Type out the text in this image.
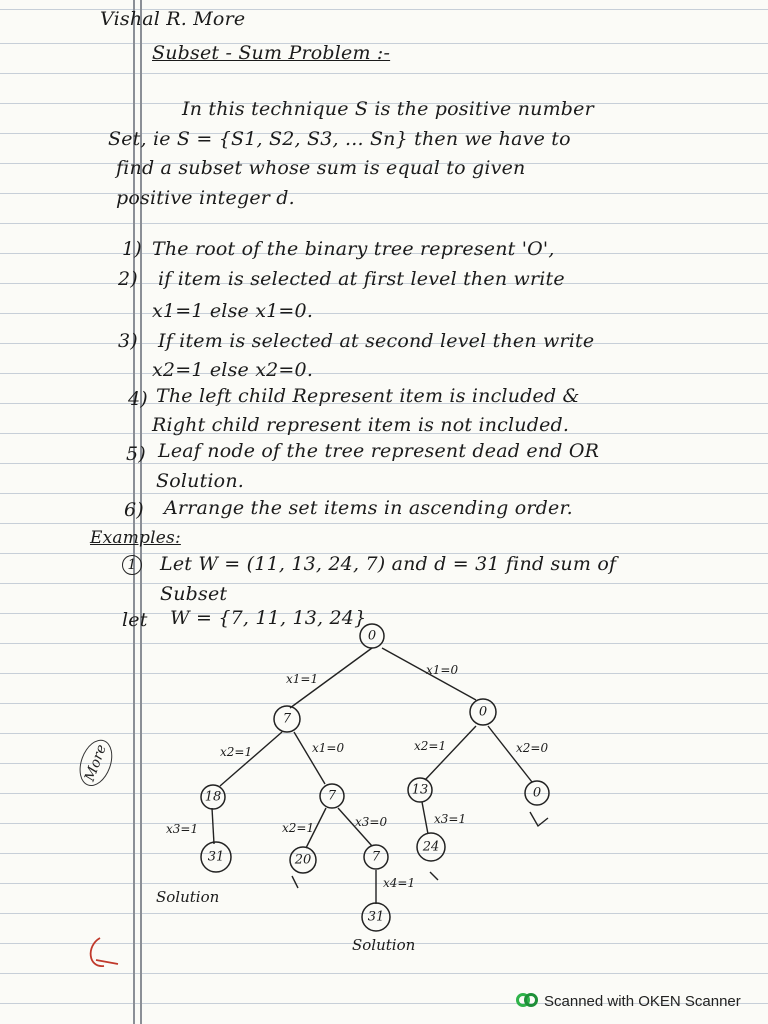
Vishal R. More
Subset - Sum Problem :-
In this technique S is the positive number
Set, ie S = {S1, S2, S3, ... Sn} then we have to
find a subset whose sum is equal to given
positive integer d.
1) The root of the binary tree represent 'O',
2) if item is selected at first level then write
x1=1 else x1=0.
3) If item is selected at second level then write
x2=1 else x2=0.
4) The left child Represent item is included &
Right child represent item is not included.
5) Leaf node of the tree represent dead end OR
Solution.
6) Arrange the set items in ascending order.
Examples:
1 Let W = (11, 13, 24, 7) and d = 31 find sum of
Subset
let W = {7, 11, 13, 24}
More
0
7	0
18	7	13	0
31	20	7
24
31
x1=1
x1=0
x2=1	x1=0	x2=1	x2=0
x3=1	x2=1	x3=0	x3=1
x4=1
Solution
Solution
Scanned with OKEN Scanner
